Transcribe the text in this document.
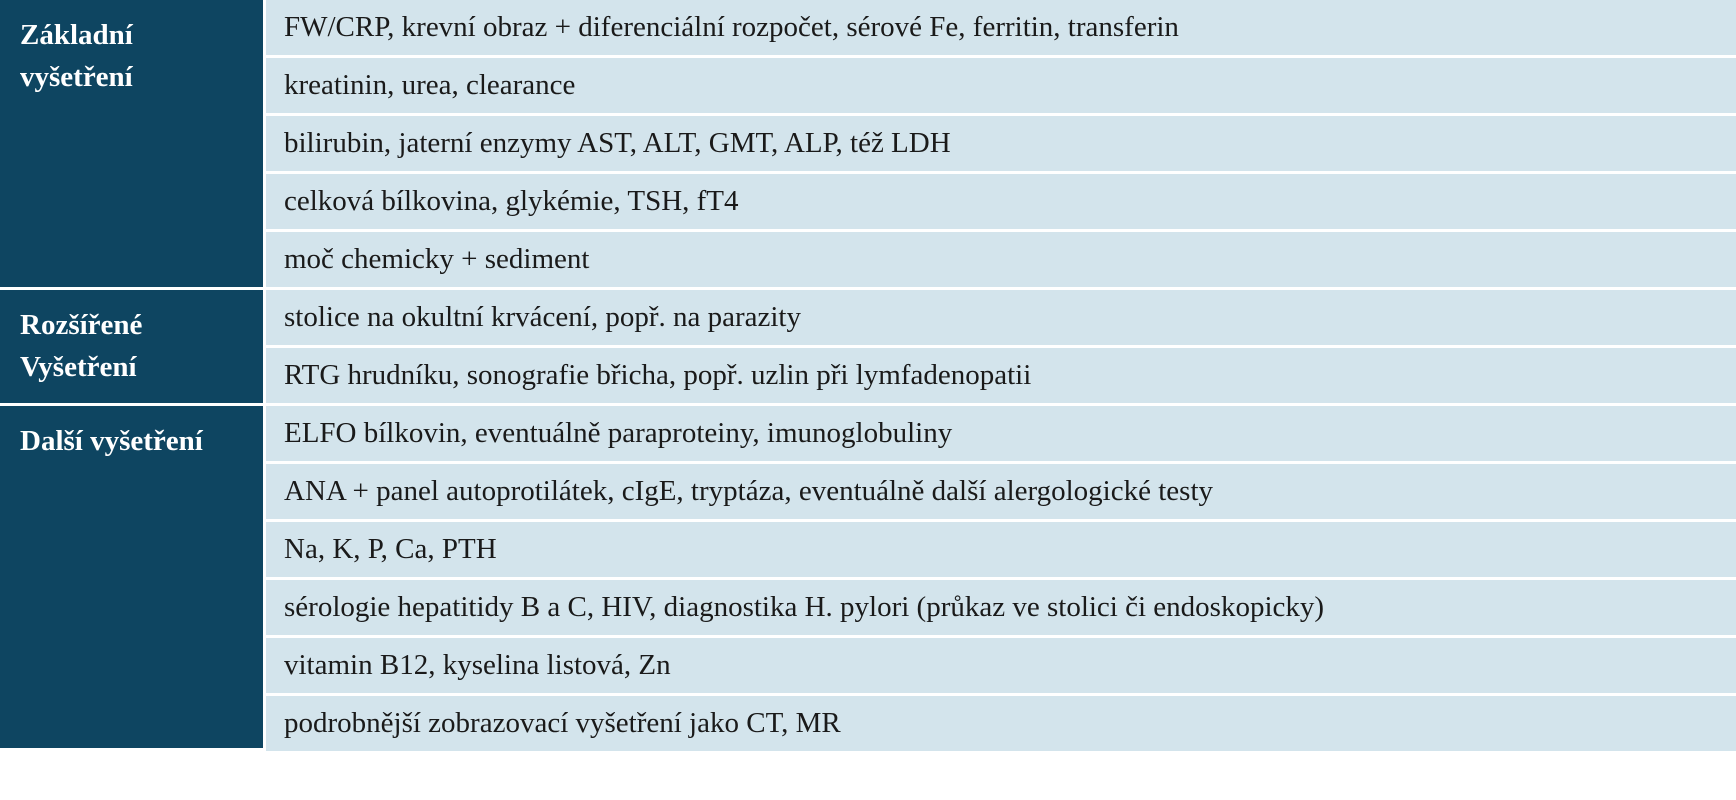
Základní
vyšetření	FW/CRP, krevní obraz + diferenciální rozpočet, sérové Fe, ferritin, transferin
	kreatinin, urea, clearance
	bilirubin, jaterní enzymy AST, ALT, GMT, ALP, též LDH
	celková bílkovina, glykémie, TSH, fT4
	moč chemicky + sediment

Rozšířené
Vyšetření	stolice na okultní krvácení, popř. na parazity
	RTG hrudníku, sonografie břicha, popř. uzlin při lymfadenopatii

Další vyšetření	ELFO bílkovin, eventuálně paraproteiny, imunoglobuliny
	ANA + panel autoprotilátek, cIgE, tryptáza, eventuálně další alergologické testy
	Na, K, P, Ca, PTH
	sérologie hepatitidy B a C, HIV, diagnostika H. pylori (průkaz ve stolici či endoskopicky)
	vitamin B12, kyselina listová, Zn
	podrobnější zobrazovací vyšetření jako CT, MR
